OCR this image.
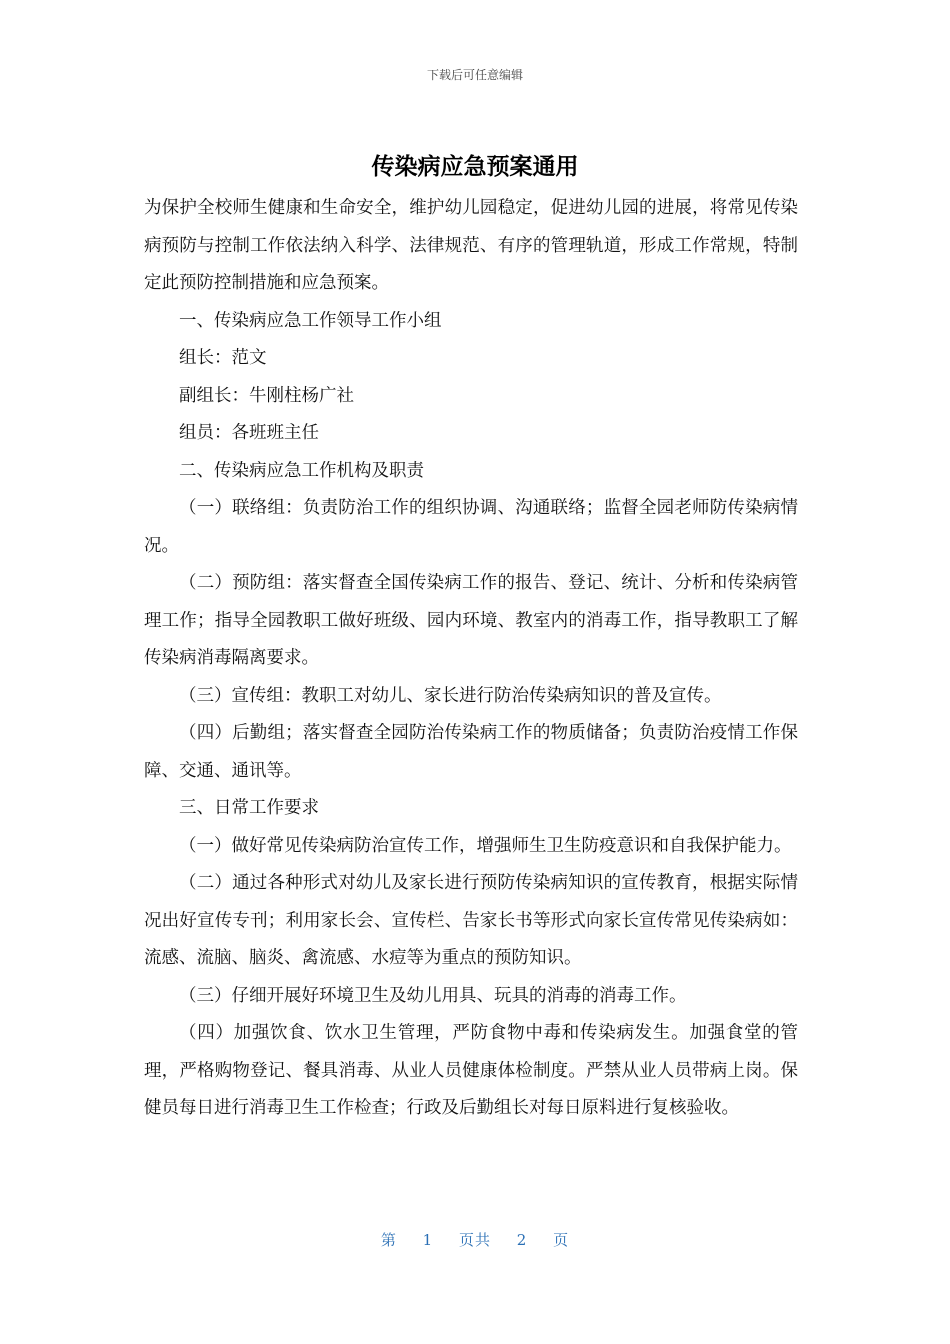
下载后可任意编辑
传染病应急预案通用

为保护全校师生健康和生命安全，维护幼儿园稳定，促进幼儿园的进展，将常见传染病预防与控制工作依法纳入科学、法律规范、有序的管理轨道，形成工作常规，特制定此预防控制措施和应急预案。

一、传染病应急工作领导工作小组

组长：范文

副组长：牛刚柱杨广社

组员：各班班主任

二、传染病应急工作机构及职责

（一）联络组：负责防治工作的组织协调、沟通联络；监督全园老师防传染病情况。

（二）预防组：落实督查全国传染病工作的报告、登记、统计、分析和传染病管理工作；指导全园教职工做好班级、园内环境、教室内的消毒工作，指导教职工了解传染病消毒隔离要求。

（三）宣传组：教职工对幼儿、家长进行防治传染病知识的普及宣传。

（四）后勤组；落实督查全园防治传染病工作的物质储备；负责防治疫情工作保障、交通、通讯等。

三、日常工作要求

（一）做好常见传染病防治宣传工作，增强师生卫生防疫意识和自我保护能力。

（二）通过各种形式对幼儿及家长进行预防传染病知识的宣传教育，根据实际情况出好宣传专刊；利用家长会、宣传栏、告家长书等形式向家长宣传常见传染病如：流感、流脑、脑炎、禽流感、水痘等为重点的预防知识。

（三）仔细开展好环境卫生及幼儿用具、玩具的消毒的消毒工作。

（四）加强饮食、饮水卫生管理，严防食物中毒和传染病发生。加强食堂的管理，严格购物登记、餐具消毒、从业人员健康体检制度。严禁从业人员带病上岗。保健员每日进行消毒卫生工作检查；行政及后勤组长对每日原料进行复核验收。

第 1 页共 2 页
